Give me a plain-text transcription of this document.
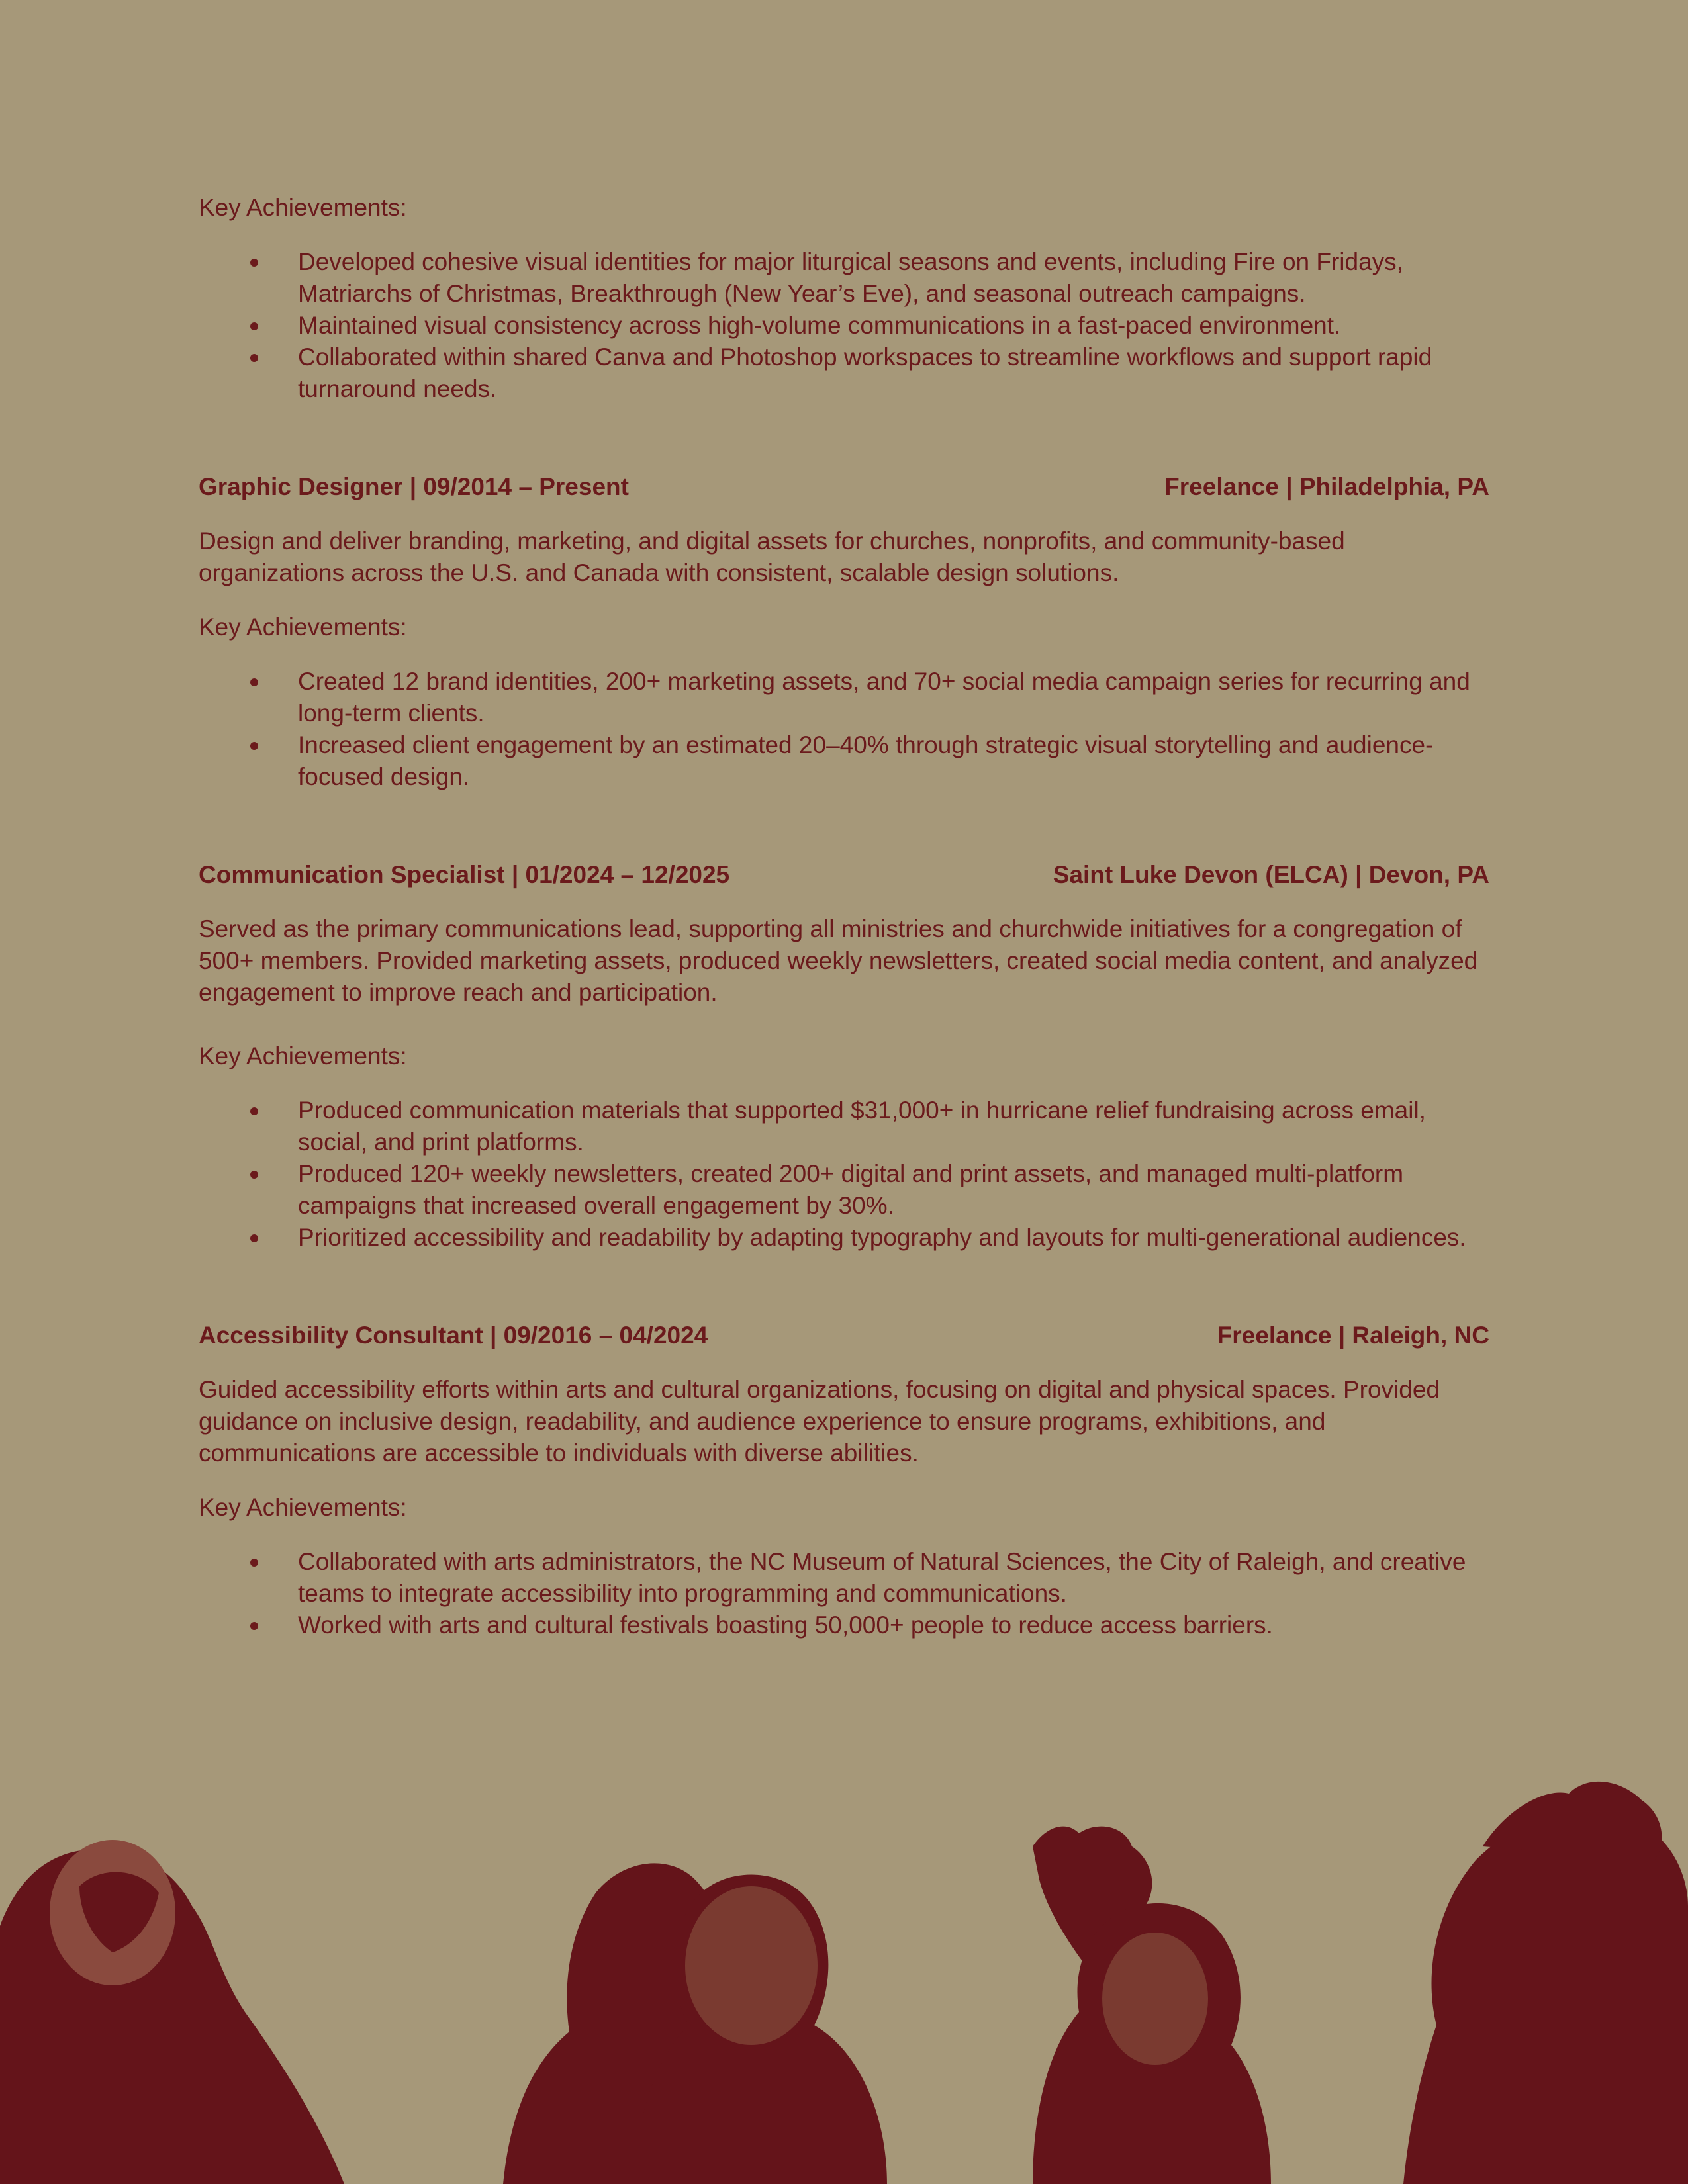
Key Achievements:
Developed cohesive visual identities for major liturgical seasons and events, including Fire on Fridays, Matriarchs of Christmas, Breakthrough (New Year’s Eve), and seasonal outreach campaigns.
Maintained visual consistency across high-volume communications in a fast-paced environment.
Collaborated within shared Canva and Photoshop workspaces to streamline workflows and support rapid turnaround needs.
Graphic Designer | 09/2014 – Present	Freelance | Philadelphia, PA

Design and deliver branding, marketing, and digital assets for churches, nonprofits, and community-based organizations across the U.S. and Canada with consistent, scalable design solutions.

Key Achievements:
Created 12 brand identities, 200+ marketing assets, and 70+ social media campaign series for recurring and long-term clients.
Increased client engagement by an estimated 20–40% through strategic visual storytelling and audience-focused design.
Communication Specialist | 01/2024 – 12/2025	Saint Luke Devon (ELCA) | Devon, PA

Served as the primary communications lead, supporting all ministries and churchwide initiatives for a congregation of 500+ members. Provided marketing assets, produced weekly newsletters, created social media content, and analyzed engagement to improve reach and participation.

Key Achievements:
Produced communication materials that supported $31,000+ in hurricane relief fundraising across email, social, and print platforms.
Produced 120+ weekly newsletters, created 200+ digital and print assets, and managed multi-platform campaigns that increased overall engagement by 30%.
Prioritized accessibility and readability by adapting typography and layouts for multi-generational audiences.
Accessibility Consultant | 09/2016 – 04/2024	Freelance | Raleigh, NC

Guided accessibility efforts within arts and cultural organizations, focusing on digital and physical spaces. Provided guidance on inclusive design, readability, and audience experience to ensure programs, exhibitions, and communications are accessible to individuals with diverse abilities.

Key Achievements:
Collaborated with arts administrators, the NC Museum of Natural Sciences, the City of Raleigh, and creative teams to integrate accessibility into programming and communications.
Worked with arts and cultural festivals boasting 50,000+ people to reduce access barriers.
